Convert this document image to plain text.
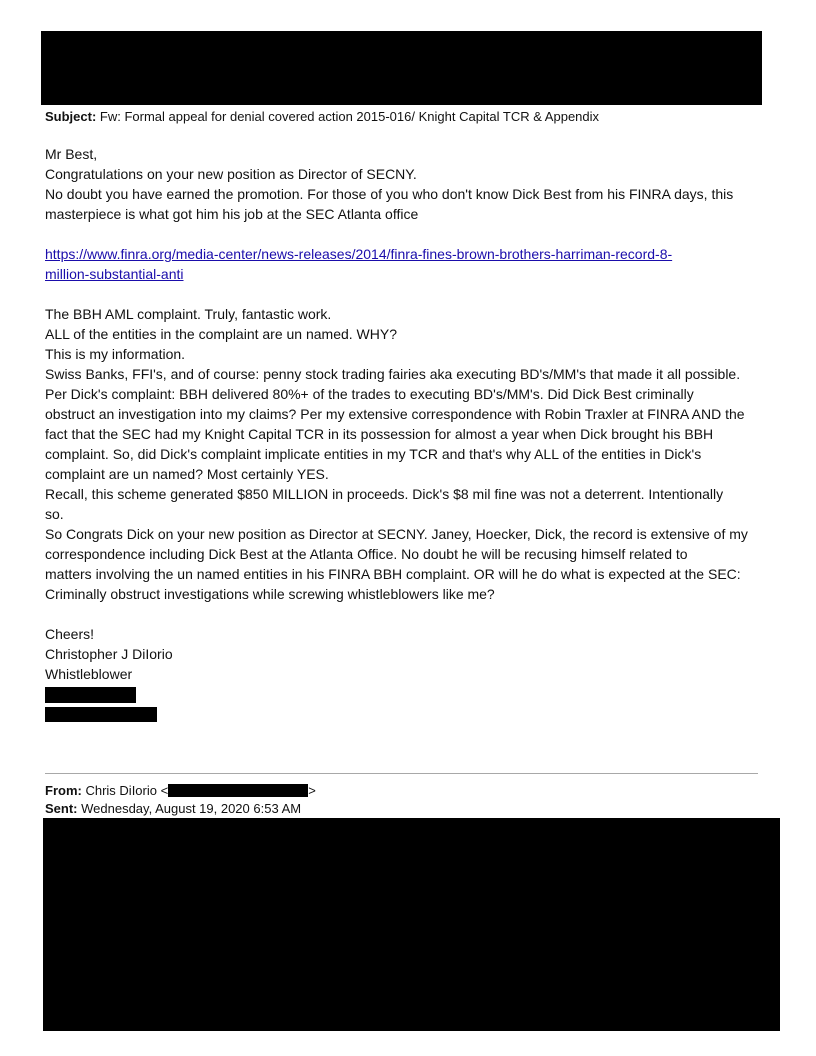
Subject: Fw: Formal appeal for denial covered action 2015-016/ Knight Capital TCR & Appendix
Mr Best,
Congratulations on your new position as Director of SECNY.
No doubt you have earned the promotion. For those of you who don't know Dick Best from his FINRA days, this
masterpiece is what got him his job at the SEC Atlanta office
https://www.finra.org/media-center/news-releases/2014/finra-fines-brown-brothers-harriman-record-8-
million-substantial-anti
The BBH AML complaint. Truly, fantastic work.
ALL of the entities in the complaint are un named. WHY?
This is my information.
Swiss Banks, FFI's, and of course: penny stock trading fairies aka executing BD's/MM's that made it all possible.
Per Dick's complaint: BBH delivered 80%+ of the trades to executing BD's/MM's. Did Dick Best criminally
obstruct an investigation into my claims? Per my extensive correspondence with Robin Traxler at FINRA AND the
fact that the SEC had my Knight Capital TCR in its possession for almost a year when Dick brought his BBH
complaint. So, did Dick's complaint implicate entities in my TCR and that's why ALL of the entities in Dick's
complaint are un named? Most certainly YES.
Recall, this scheme generated $850 MILLION in proceeds. Dick's $8 mil fine was not a deterrent. Intentionally
so.
So Congrats Dick on your new position as Director at SECNY. Janey, Hoecker, Dick, the record is extensive of my
correspondence including Dick Best at the Atlanta Office. No doubt he will be recusing himself related to
matters involving the un named entities in his FINRA BBH complaint. OR will he do what is expected at the SEC:
Criminally obstruct investigations while screwing whistleblowers like me?
Cheers!
Christopher J DiIorio
Whistleblower
From: Chris DiIorio <	>
Sent: Wednesday, August 19, 2020 6:53 AM
